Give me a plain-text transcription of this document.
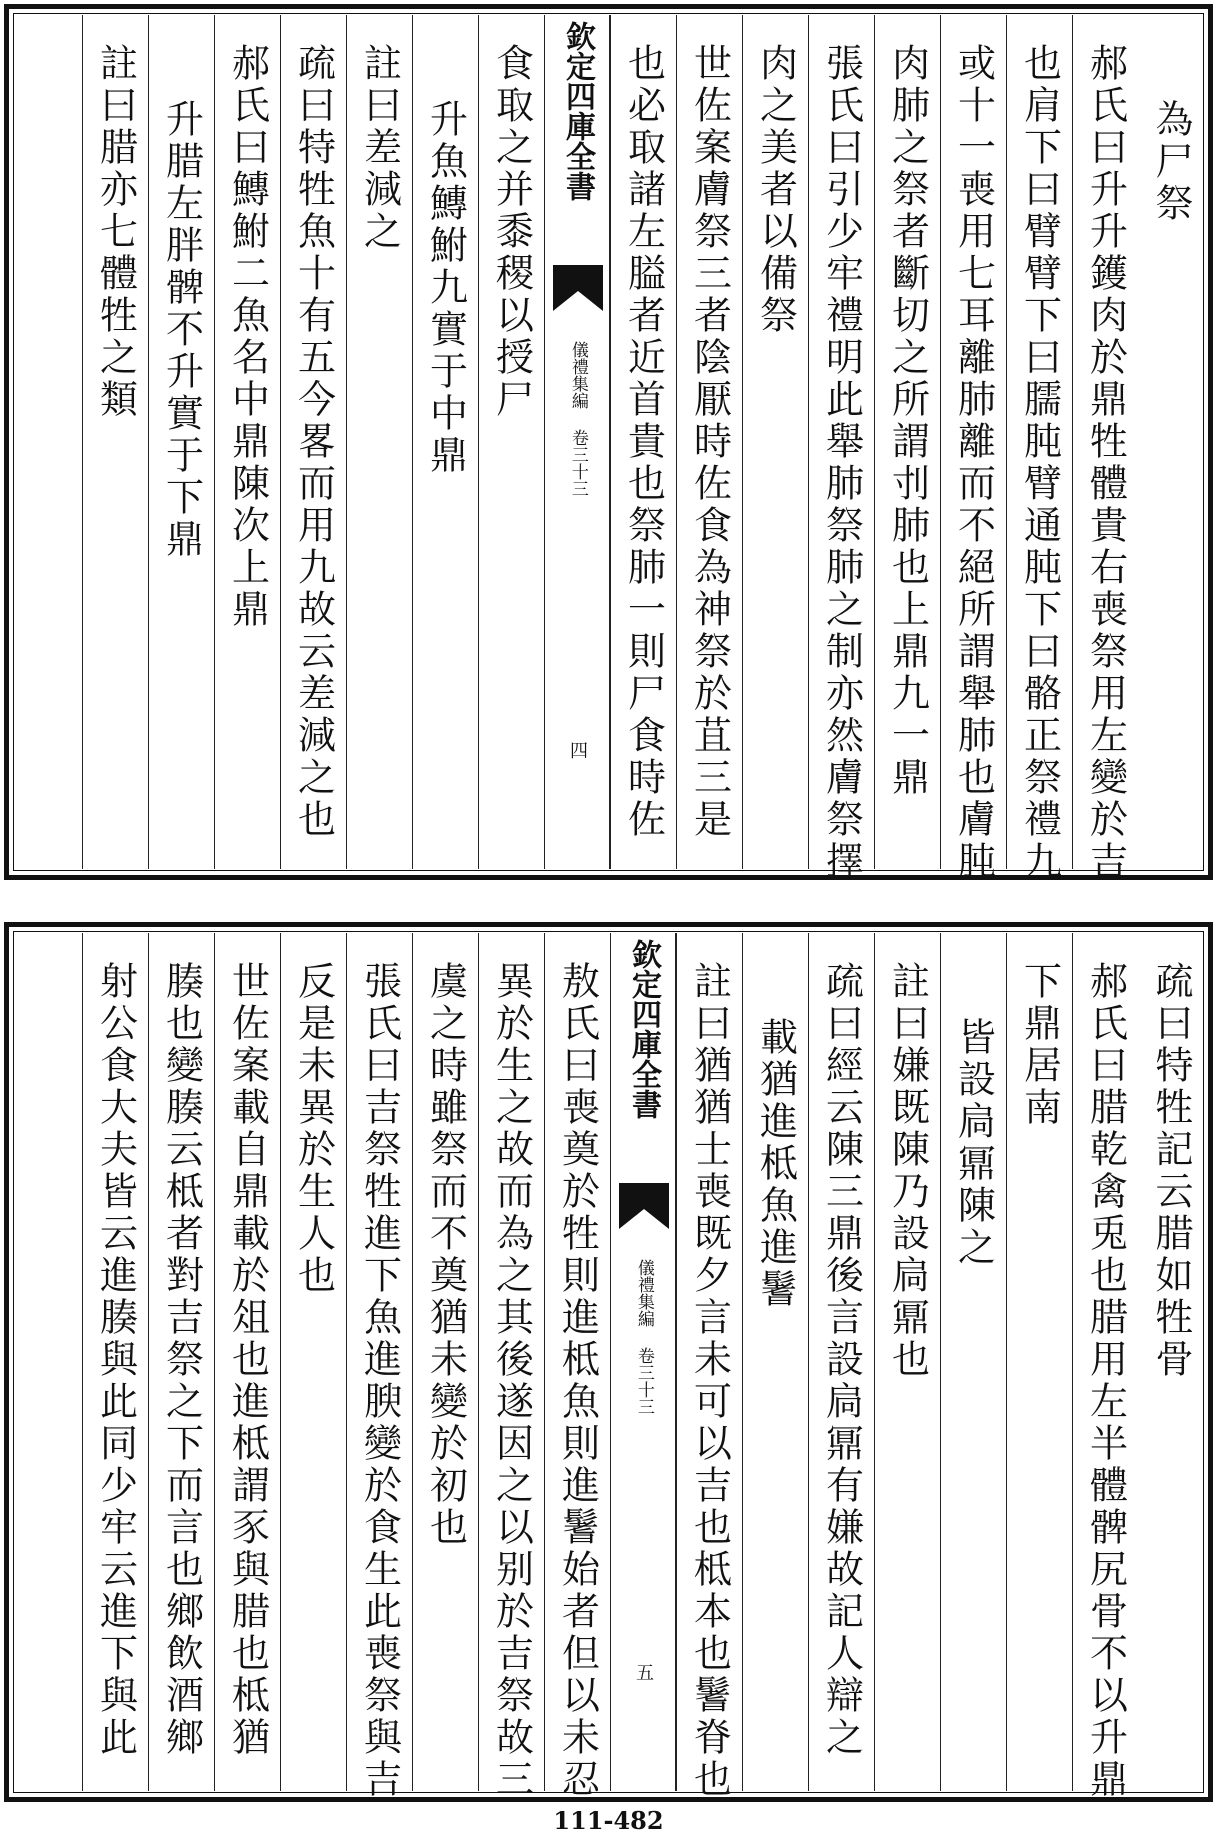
為尸祭
郝氏曰升升鑊肉於鼎牲體貴右喪祭用左變於吉
也肩下曰臂臂下曰臑肫臂通肫下曰骼正祭禮九
或十一喪用七耳離肺離而不絕所謂舉肺也膚肫
肉肺之祭者斷切之所謂刌肺也上鼎九一鼎
張氏曰引少牢禮明此舉肺祭肺之制亦然膚祭擇
肉之美者以備祭
世佐案膚祭三者陰厭時佐食為神祭於苴三是
也必取諸左膉者近首貴也祭肺一則尸食時佐
欽定四庫全書
儀禮集編 卷三十三
四
食取之并黍稷以授尸
升魚鱄鮒九實于中鼎
註曰差減之
疏曰特牲魚十有五今畧而用九故云差減之也
郝氏曰鱄鮒二魚名中鼎陳次上鼎
升腊左胖髀不升實于下鼎
註曰腊亦七體牲之類
疏曰特牲記云腊如牲骨
郝氏曰腊乾禽兎也腊用左半體髀尻骨不以升鼎
下鼎居南
皆設扃鼏陳之
註曰嫌既陳乃設扃鼏也
疏曰經云陳三鼎後言設扃鼏有嫌故記人辯之
載猶進柢魚進鬐
註曰猶猶士喪既夕言未可以吉也柢本也鬐脊也
欽定四庫全書
儀禮集編 卷三十三
五
敖氏曰喪奠於牲則進柢魚則進鬐始者但以未忍
異於生之故而為之其後遂因之以别於吉祭故三
虞之時雖祭而不奠猶未變於初也
張氏曰吉祭牲進下魚進腴變於食生此喪祭與吉
反是未異於生人也
世佐案載自鼎載於俎也進柢謂豕與腊也柢猶
腠也變腠云柢者對吉祭之下而言也鄉飲酒鄉
射公食大夫皆云進腠與此同少牢云進下與此
111-482
